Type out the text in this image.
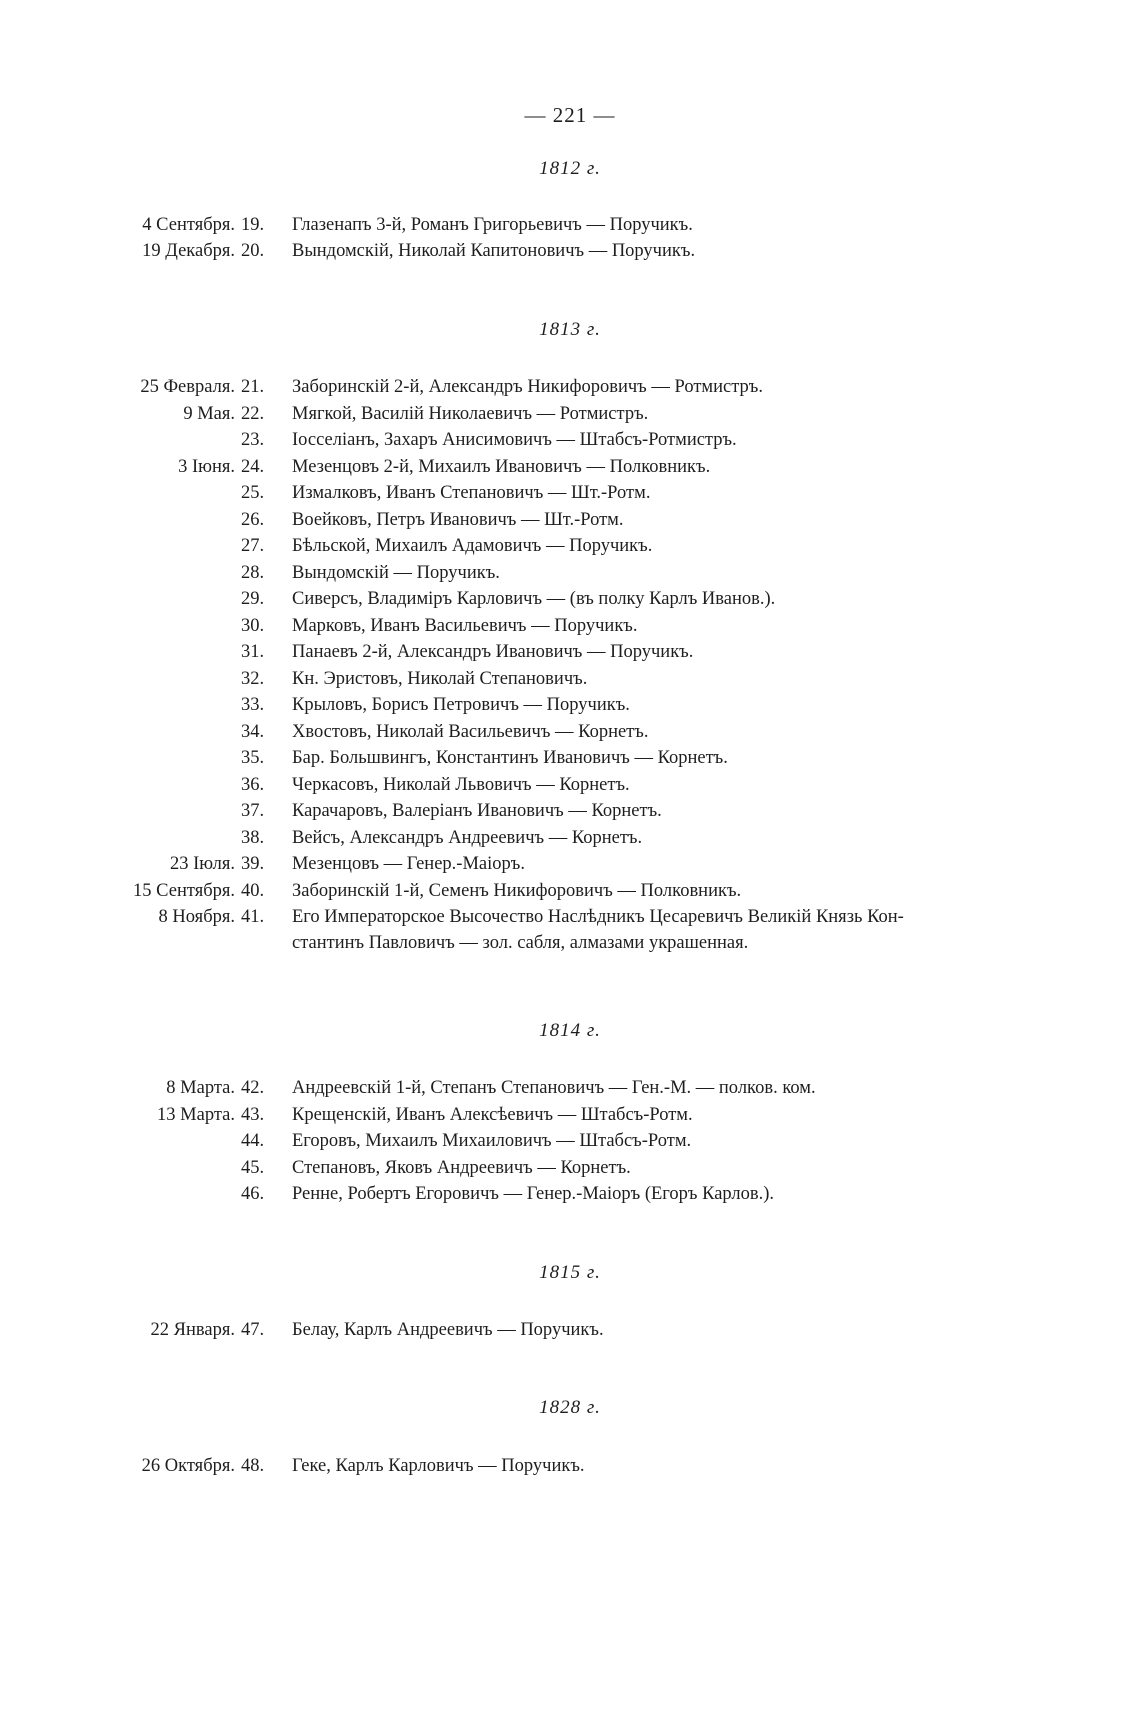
— 221 —
1812 г.
4 Сентября. 19. Глазенапъ 3-й, Романъ Григорьевичъ — Поручикъ.
19 Декабря. 20. Вындомскiй, Николай Капитоновичъ — Поручикъ.
1813 г.
25 Февраля. 21. Заборинскiй 2-й, Александръ Никифоровичъ — Ротмистръ.
9 Мая. 22. Мягкой, Василiй Николаевичъ — Ротмистръ.
23. Iосселiанъ, Захаръ Анисимовичъ — Штабсъ-Ротмистръ.
3 Iюня. 24. Мезенцовъ 2-й, Михаилъ Ивановичъ — Полковникъ.
25. Измалковъ, Иванъ Степановичъ — Шт.-Ротм.
26. Воейковъ, Петръ Ивановичъ — Шт.-Ротм.
27. Бѣльской, Михаилъ Адамовичъ — Поручикъ.
28. Вындомскiй — Поручикъ.
29. Сиверсъ, Владимiръ Карловичъ — (въ полку Карлъ Иванов.).
30. Марковъ, Иванъ Васильевичъ — Поручикъ.
31. Панаевъ 2-й, Александръ Ивановичъ — Поручикъ.
32. Кн. Эристовъ, Николай Степановичъ.
33. Крыловъ, Борисъ Петровичъ — Поручикъ.
34. Хвостовъ, Николай Васильевичъ — Корнетъ.
35. Бар. Большвингъ, Константинъ Ивановичъ — Корнетъ.
36. Черкасовъ, Николай Львовичъ — Корнетъ.
37. Карачаровъ, Валерiанъ Ивановичъ — Корнетъ.
38. Вейсъ, Александръ Андреевичъ — Корнетъ.
23 Iюля. 39. Мезенцовъ — Генер.-Маiоръ.
15 Сентября. 40. Заборинскiй 1-й, Семенъ Никифоровичъ — Полковникъ.
8 Ноября. 41. Его Императорское Высочество Наслѣдникъ Цесаревичъ Великiй Князь Кон-
стантинъ Павловичъ — зол. сабля, алмазами украшенная.
1814 г.
8 Марта. 42. Андреевскiй 1-й, Степанъ Степановичъ — Ген.-М. — полков. ком.
13 Марта. 43. Крещенскiй, Иванъ Алексѣевичъ — Штабсъ-Ротм.
44. Егоровъ, Михаилъ Михаиловичъ — Штабсъ-Ротм.
45. Степановъ, Яковъ Андреевичъ — Корнетъ.
46. Ренне, Робертъ Егоровичъ — Генер.-Маiоръ (Егоръ Карлов.).
1815 г.
22 Января. 47. Белау, Карлъ Андреевичъ — Поручикъ.
1828 г.
26 Октября. 48. Геке, Карлъ Карловичъ — Поручикъ.
